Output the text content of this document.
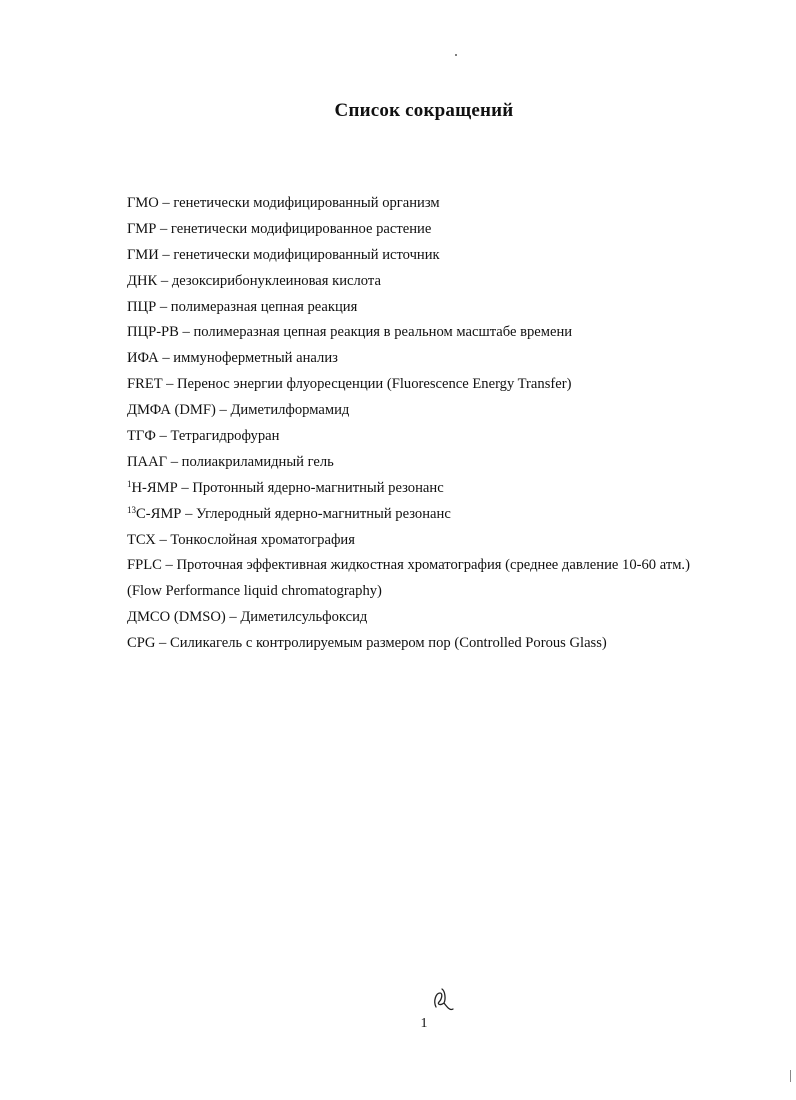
Список сокращений
ГМО – генетически модифицированный организм
ГМР – генетически модифицированное растение
ГМИ – генетически модифицированный источник
ДНК – дезоксирибонуклеиновая кислота
ПЦР – полимеразная цепная реакция
ПЦР-РВ – полимеразная цепная реакция в реальном масштабе времени
ИФА – иммуноферметный анализ
FRET – Перенос энергии флуоресценции (Fluorescence Energy Transfer)
ДМФА (DMF) – Диметилформамид
ТГФ – Тетрагидрофуран
ПААГ – полиакриламидный гель
$^1$Н-ЯМР – Протонный ядерно-магнитный резонанс
$^{13}$С-ЯМР – Углеродный ядерно-магнитный резонанс
ТСХ – Тонкослойная хроматография
FPLC – Проточная эффективная жидкостная хроматография (среднее давление 10-60 атм.)
(Flow Performance liquid chromatography)
ДМСО (DMSO) – Диметилсульфоксид
CPG – Силикагель с контролируемым размером пор (Controlled Porous Glass)
1
